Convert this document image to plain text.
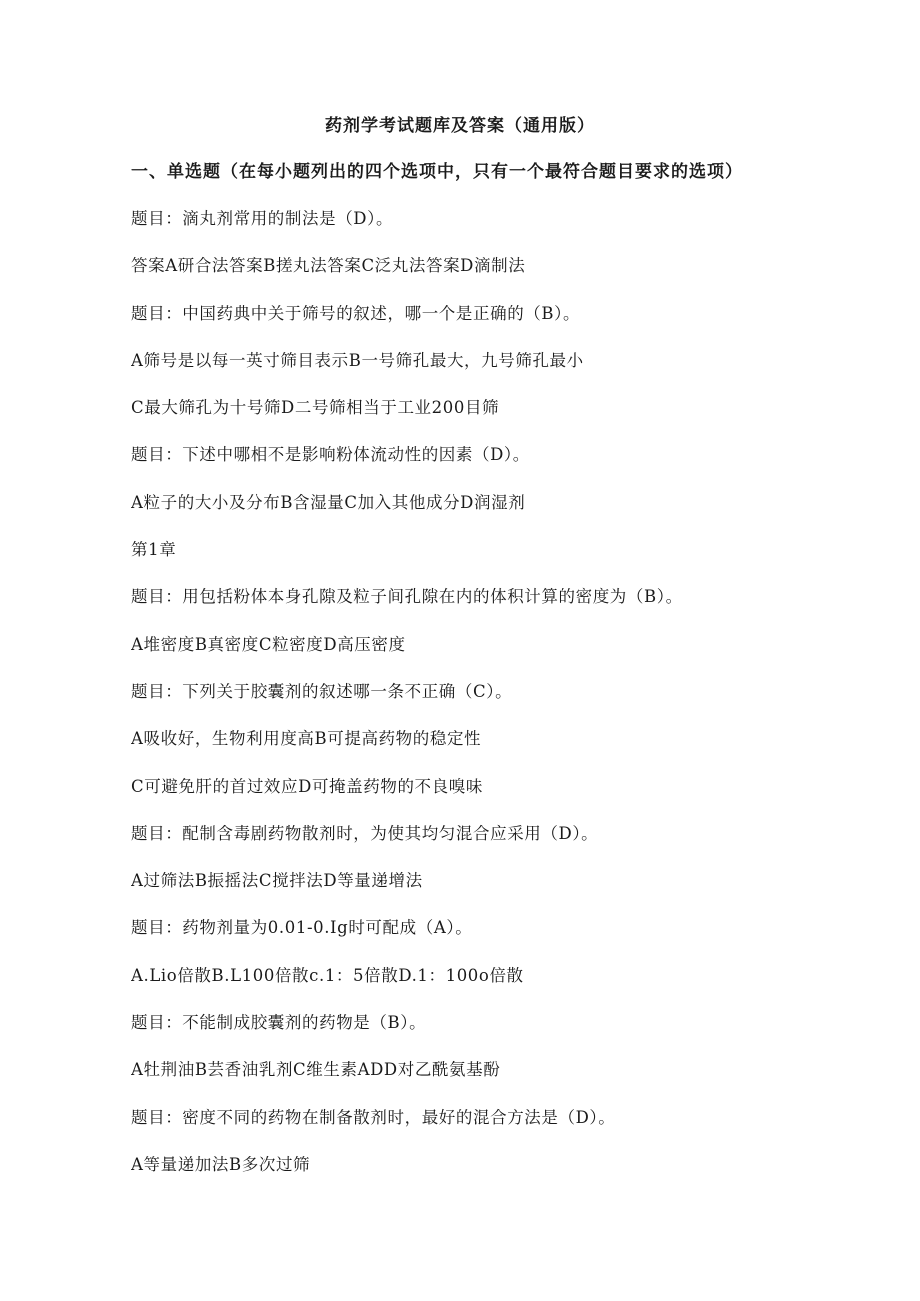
药剂学考试题库及答案（通用版）
一、单选题（在每小题列出的四个选项中，只有一个最符合题目要求的选项）
题目：滴丸剂常用的制法是（D）。
答案A研合法答案B搓丸法答案C泛丸法答案D滴制法
题目：中国药典中关于筛号的叙述，哪一个是正确的（B）。
A筛号是以每一英寸筛目表示B一号筛孔最大，九号筛孔最小
C最大筛孔为十号筛D二号筛相当于工业200目筛
题目：下述中哪相不是影响粉体流动性的因素（D）。
A粒子的大小及分布B含湿量C加入其他成分D润湿剂
第1章
题目：用包括粉体本身孔隙及粒子间孔隙在内的体积计算的密度为（B）。
A堆密度B真密度C粒密度D高压密度
题目：下列关于胶囊剂的叙述哪一条不正确（C）。
A吸收好，生物利用度高B可提高药物的稳定性
C可避免肝的首过效应D可掩盖药物的不良嗅味
题目：配制含毒剧药物散剂时，为使其均匀混合应采用（D）。
A过筛法B振摇法C搅拌法D等量递增法
题目：药物剂量为0.01-0.Ig时可配成（A）。
A.Lio倍散B.L100倍散c.1：5倍散D.1：100o倍散
题目：不能制成胶囊剂的药物是（B）。
A牡荆油B芸香油乳剂C维生素ADD对乙酰氨基酚
题目：密度不同的药物在制备散剂时，最好的混合方法是（D）。
A等量递加法B多次过筛
